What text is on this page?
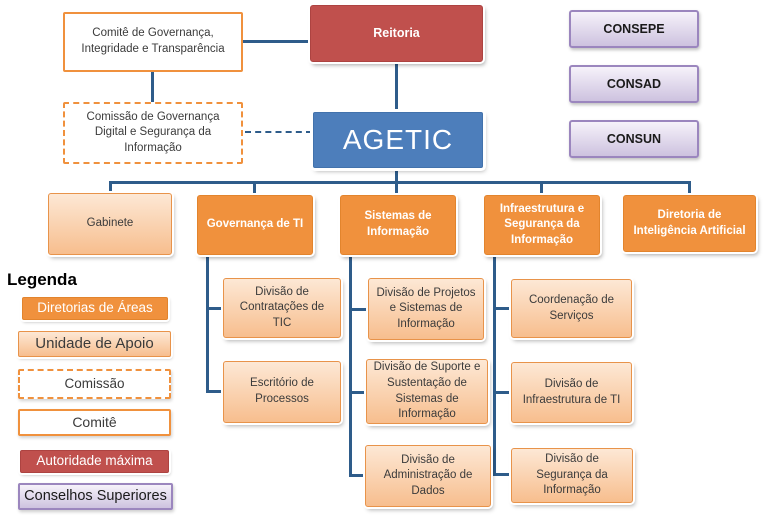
Comitê de Governança, Integridade e Transparência
Comissão de Governança Digital e Segurança da Informação
Reitoria
AGETIC
CONSEPE
CONSAD
CONSUN
Gabinete	Governança de TI
Sistemas de Informação
Infraestrutura e Segurança da Informação
Diretoria de Inteligência Artificial
Divisão de Contratações de TIC
Escritório de Processos
Divisão de Projetos e Sistemas de Informação
Divisão de Suporte e Sustentação de Sistemas de Informação
Divisão de Administração de Dados
Coordenação de Serviços
Divisão de Infraestrutura de TI
Divisão de Segurança da Informação
Legenda
Diretorias de Áreas
Unidade de Apoio
Comissão
Comitê
Autoridade máxima
Conselhos Superiores
